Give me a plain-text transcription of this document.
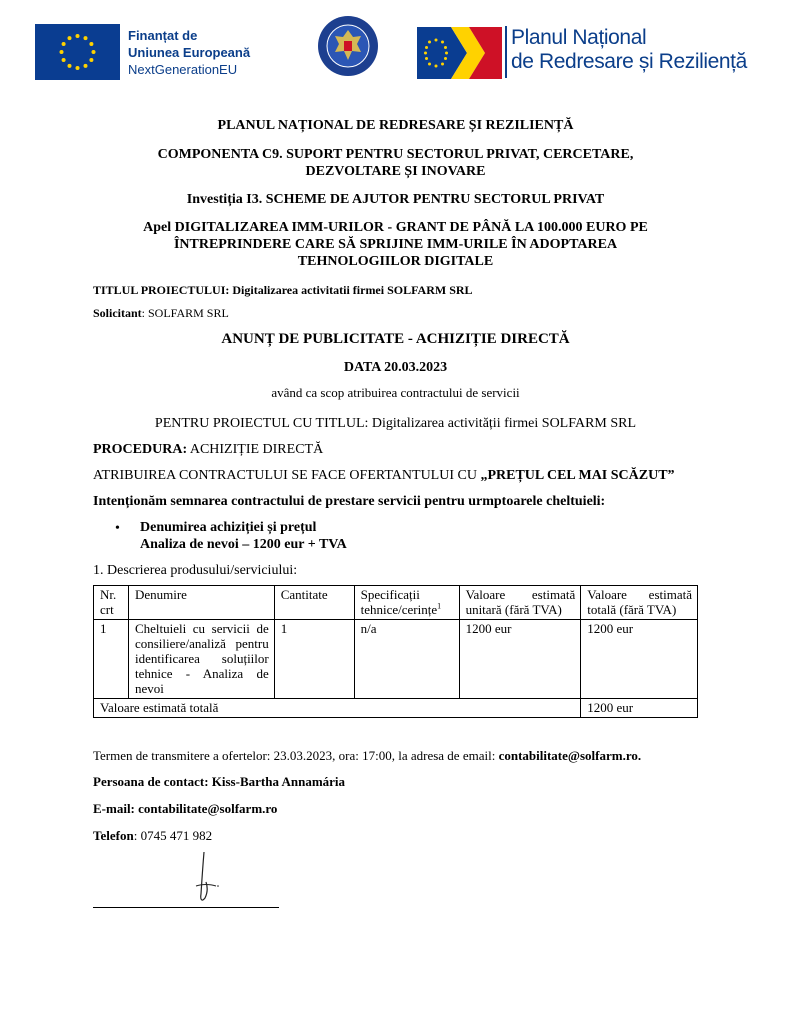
Finanțat de
Uniunea Europeană
NextGenerationEU
Planul Național
de Redresare și Reziliență
PLANUL NAȚIONAL DE REDRESARE ȘI REZILIENȚĂ
COMPONENTA C9. SUPORT PENTRU SECTORUL PRIVAT, CERCETARE,
DEZVOLTARE ȘI INOVARE
Investiția I3. SCHEME DE AJUTOR PENTRU SECTORUL PRIVAT
Apel DIGITALIZAREA IMM-URILOR - GRANT DE PÂNĂ LA 100.000 EURO PE
ÎNTREPRINDERE CARE SĂ SPRIJINE IMM-URILE ÎN ADOPTAREA
TEHNOLOGIILOR DIGITALE
TITLUL PROIECTULUI: Digitalizarea activitatii firmei SOLFARM SRL
Solicitant: SOLFARM SRL
ANUNȚ DE PUBLICITATE - ACHIZIȚIE DIRECTĂ
DATA 20.03.2023
având ca scop atribuirea contractului de servicii
PENTRU PROIECTUL CU TITLUL: Digitalizarea activității firmei SOLFARM SRL
PROCEDURA: ACHIZIȚIE DIRECTĂ
ATRIBUIREA CONTRACTULUI SE FACE OFERTANTULUI CU „PREȚUL CEL MAI SCĂZUT”
Intenționăm semnarea contractului de prestare servicii pentru urmptoarele cheltuieli:
• Denumirea achiziției și prețul
Analiza de nevoi – 1200 eur + TVA
1. Descrierea produsului/serviciului:
Nr. crt	Denumire	Cantitate	Specificații tehnice/cerințe$^1$	Valoare estimată unitară (fără TVA)	Valoare estimată totală (fără TVA)
1	Cheltuieli cu servicii de consiliere/analiză pentru identificarea soluțiilor tehnice - Analiza de nevoi	1	n/a	1200 eur	1200 eur
Valoare estimată totală					1200 eur
Termen de transmitere a ofertelor: 23.03.2023, ora: 17:00, la adresa de email: contabilitate@solfarm.ro.
Persoana de contact: Kiss-Bartha Annamária
E-mail: contabilitate@solfarm.ro
Telefon: 0745 471 982
